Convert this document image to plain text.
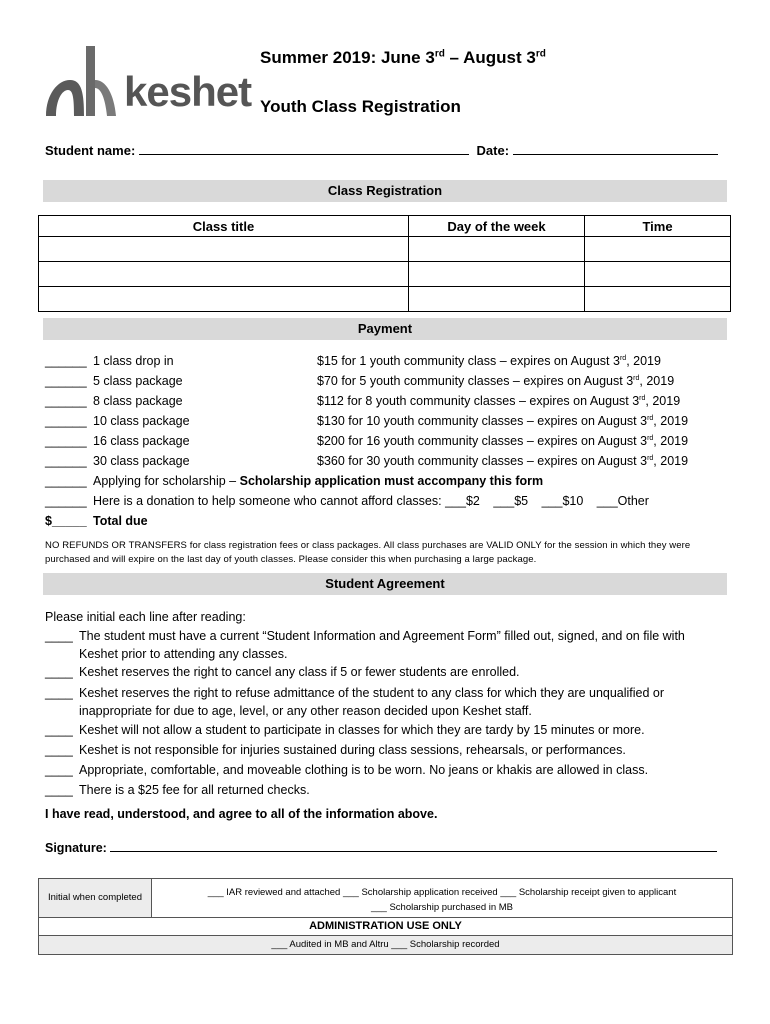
keshet
Summer 2019: June 3rd – August 3rd
Youth Class Registration
Student name:	Date:
Class Registration
Class title	Day of the week	Time

Payment
______ 1 class drop in	$15 for 1 youth community class – expires on August 3rd, 2019
______ 5 class package	$70 for 5 youth community classes – expires on August 3rd, 2019
______ 8 class package	$112 for 8 youth community classes – expires on August 3rd, 2019
______ 10 class package	$130 for 10 youth community classes – expires on August 3rd, 2019
______ 16 class package	$200 for 16 youth community classes – expires on August 3rd, 2019
______ 30 class package	$360 for 30 youth community classes – expires on August 3rd, 2019
______ Applying for scholarship – Scholarship application must accompany this form
______ Here is a donation to help someone who cannot afford classes: ___$2 ___$5 ___$10 ___Other
$_____ Total due
NO REFUNDS OR TRANSFERS for class registration fees or class packages. All class purchases are VALID ONLY for the session in which they were purchased and will expire on the last day of youth classes. Please consider this when purchasing a large package.
Student Agreement
Please initial each line after reading:
____ The student must have a current “Student Information and Agreement Form” filled out, signed, and on file with
Keshet prior to attending any classes.
____ Keshet reserves the right to cancel any class if 5 or fewer students are enrolled.
____ Keshet reserves the right to refuse admittance of the student to any class for which they are unqualified or
inappropriate for due to age, level, or any other reason decided upon Keshet staff.
____ Keshet will not allow a student to participate in classes for which they are tardy by 15 minutes or more.
____ Keshet is not responsible for injuries sustained during class sessions, rehearsals, or performances.
____ Appropriate, comfortable, and moveable clothing is to be worn. No jeans or khakis are allowed in class.
____ There is a $25 fee for all returned checks.
I have read, understood, and agree to all of the information above.
Signature:
Initial when completed	___ IAR reviewed and attached ___ Scholarship application received ___ Scholarship receipt given to applicant
___ Scholarship purchased in MB
ADMINISTRATION USE ONLY
___ Audited in MB and Altru ___ Scholarship recorded
